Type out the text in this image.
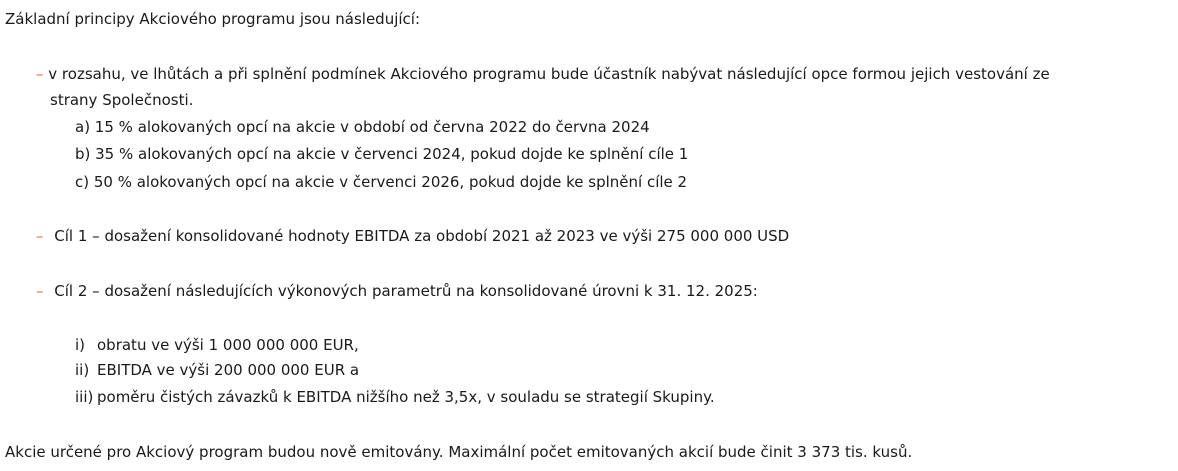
Základní principy Akciového programu jsou následující:
– v rozsahu, ve lhůtách a při splnění podmínek Akciového programu bude účastník nabývat následující opce formou jejich vestování ze
strany Společnosti.
a) 15 % alokovaných opcí na akcie v období od června 2022 do června 2024
b) 35 % alokovaných opcí na akcie v červenci 2024, pokud dojde ke splnění cíle 1
c) 50 % alokovaných opcí na akcie v červenci 2026, pokud dojde ke splnění cíle 2
– Cíl 1 – dosažení konsolidované hodnoty EBITDA za období 2021 až 2023 ve výši 275 000 000 USD
– Cíl 2 – dosažení následujících výkonových parametrů na konsolidované úrovni k 31. 12. 2025:
i) obratu ve výši 1 000 000 000 EUR,
ii) EBITDA ve výši 200 000 000 EUR a
iii) poměru čistých závazků k EBITDA nižšího než 3,5x, v souladu se strategií Skupiny.
Akcie určené pro Akciový program budou nově emitovány. Maximální počet emitovaných akcií bude činit 3 373 tis. kusů.
